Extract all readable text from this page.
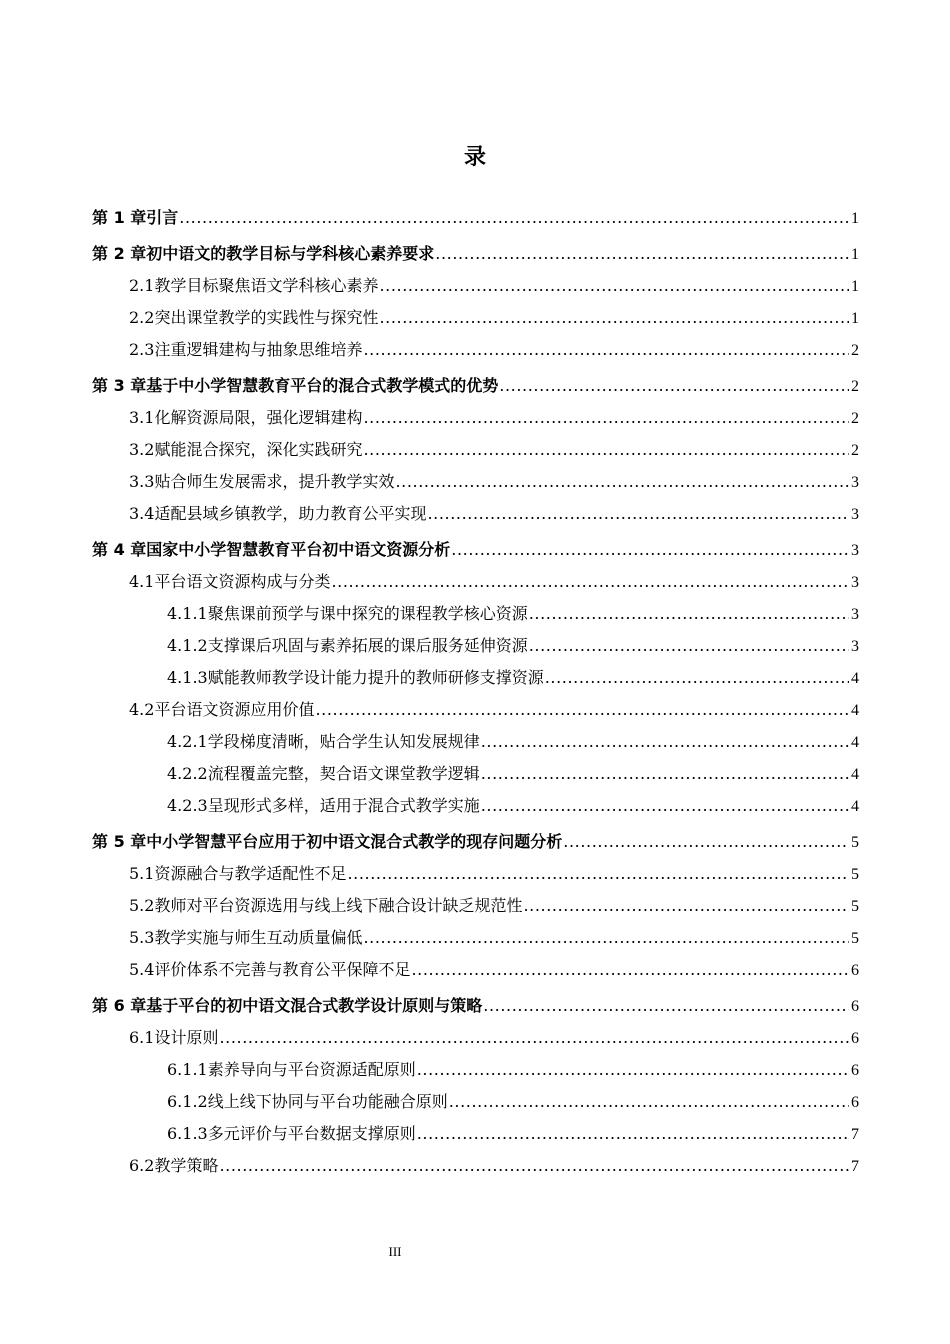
录
第 1 章 引言 .....	1
第 2 章 初中语文的教学目标与学科核心素养要求 .....	1
2.1 教学目标聚焦语文学科核心素养 .....	1
2.2 突出课堂教学的实践性与探究性 .....	1
2.3 注重逻辑建构与抽象思维培养 .....	2
第 3 章 基于中小学智慧教育平台的混合式教学模式的优势 .....	2
3.1 化解资源局限，强化逻辑建构 .....	2
3.2 赋能混合探究，深化实践研究 .....	2
3.3 贴合师生发展需求，提升教学实效 .....	3
3.4 适配县域乡镇教学，助力教育公平实现 .....	3
第 4 章 国家中小学智慧教育平台初中语文资源分析 .....	3
4.1 平台语文资源构成与分类 .....	3
4.1.1 聚焦课前预学与课中探究的课程教学核心资源 .....	3
4.1.2 支撑课后巩固与素养拓展的课后服务延伸资源 .....	3
4.1.3 赋能教师教学设计能力提升的教师研修支撑资源 .....	4
4.2 平台语文资源应用价值 .....	4
4.2.1 学段梯度清晰，贴合学生认知发展规律 .....	4
4.2.2 流程覆盖完整，契合语文课堂教学逻辑 .....	4
4.2.3 呈现形式多样，适用于混合式教学实施 .....	4
第 5 章 中小学智慧平台应用于初中语文混合式教学的现存问题分析 .....	5
5.1 资源融合与教学适配性不足 .....	5
5.2 教师对平台资源选用与线上线下融合设计缺乏规范性 .....	5
5.3 教学实施与师生互动质量偏低 .....	5
5.4 评价体系不完善与教育公平保障不足 .....	6
第 6 章 基于平台的初中语文混合式教学设计原则与策略 .....	6
6.1 设计原则 .....	6
6.1.1 素养导向与平台资源适配原则 .....	6
6.1.2 线上线下协同与平台功能融合原则 .....	6
6.1.3 多元评价与平台数据支撑原则 .....	7
6.2 教学策略 .....	7
III
